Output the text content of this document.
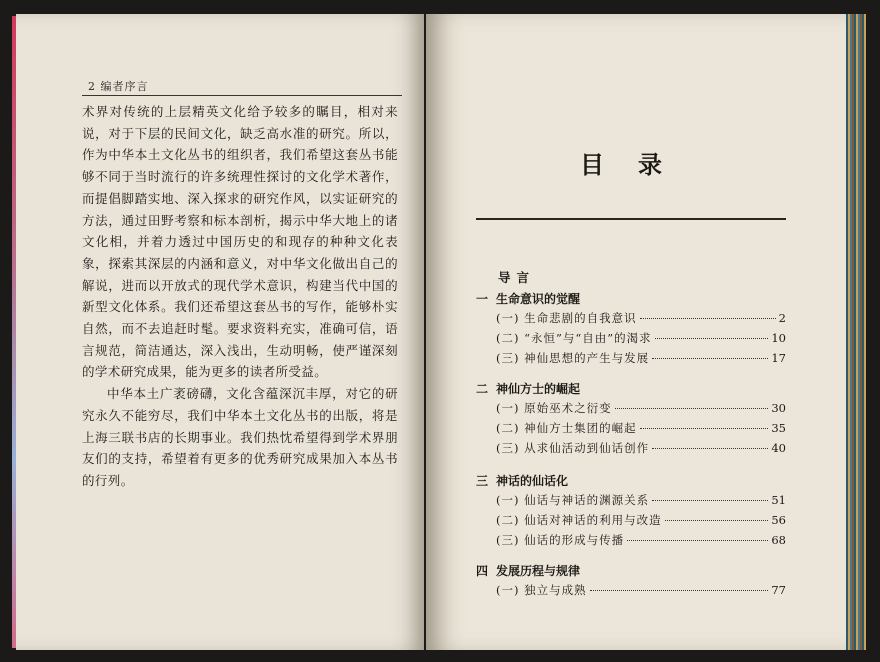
2 编者序言

术界对传统的上层精英文化给予较多的瞩目，相对来说，对于下层的民间文化，缺乏高水准的研究。所以，作为中华本土文化丛书的组织者，我们希望这套丛书能够不同于当时流行的许多统理性探讨的文化学术著作，而提倡脚踏实地、深入探求的研究作风，以实证研究的方法，通过田野考察和标本剖析，揭示中华大地上的诸文化相，并着力透过中国历史的和现存的种种文化表象，探索其深层的内涵和意义，对中华文化做出自己的解说，进而以开放式的现代学术意识，构建当代中国的新型文化体系。我们还希望这套丛书的写作，能够朴实自然，而不去追赶时髦。要求资料充实，准确可信，语言规范，简洁通达，深入浅出，生动明畅，使严谨深刻的学术研究成果，能为更多的读者所受益。

中华本土广袤磅礴，文化含蕴深沉丰厚，对它的研究永久不能穷尽，我们中华本土文化丛书的出版，将是上海三联书店的长期事业。我们热忱希望得到学术界朋友们的支持，希望着有更多的优秀研究成果加入本丛书的行列。

目录
导言
一 生命意识的觉醒
(一) 生命悲剧的自我意识	2
(二) “永恒”与“自由”的渴求	10
(三) 神仙思想的产生与发展	17
二 神仙方士的崛起
(一) 原始巫术之衍变	30
(二) 神仙方士集团的崛起	35
(三) 从求仙活动到仙话创作	40
三 神话的仙话化
(一) 仙话与神话的渊源关系	51
(二) 仙话对神话的利用与改造	56
(三) 仙话的形成与传播	68
四 发展历程与规律
(一) 独立与成熟	77
